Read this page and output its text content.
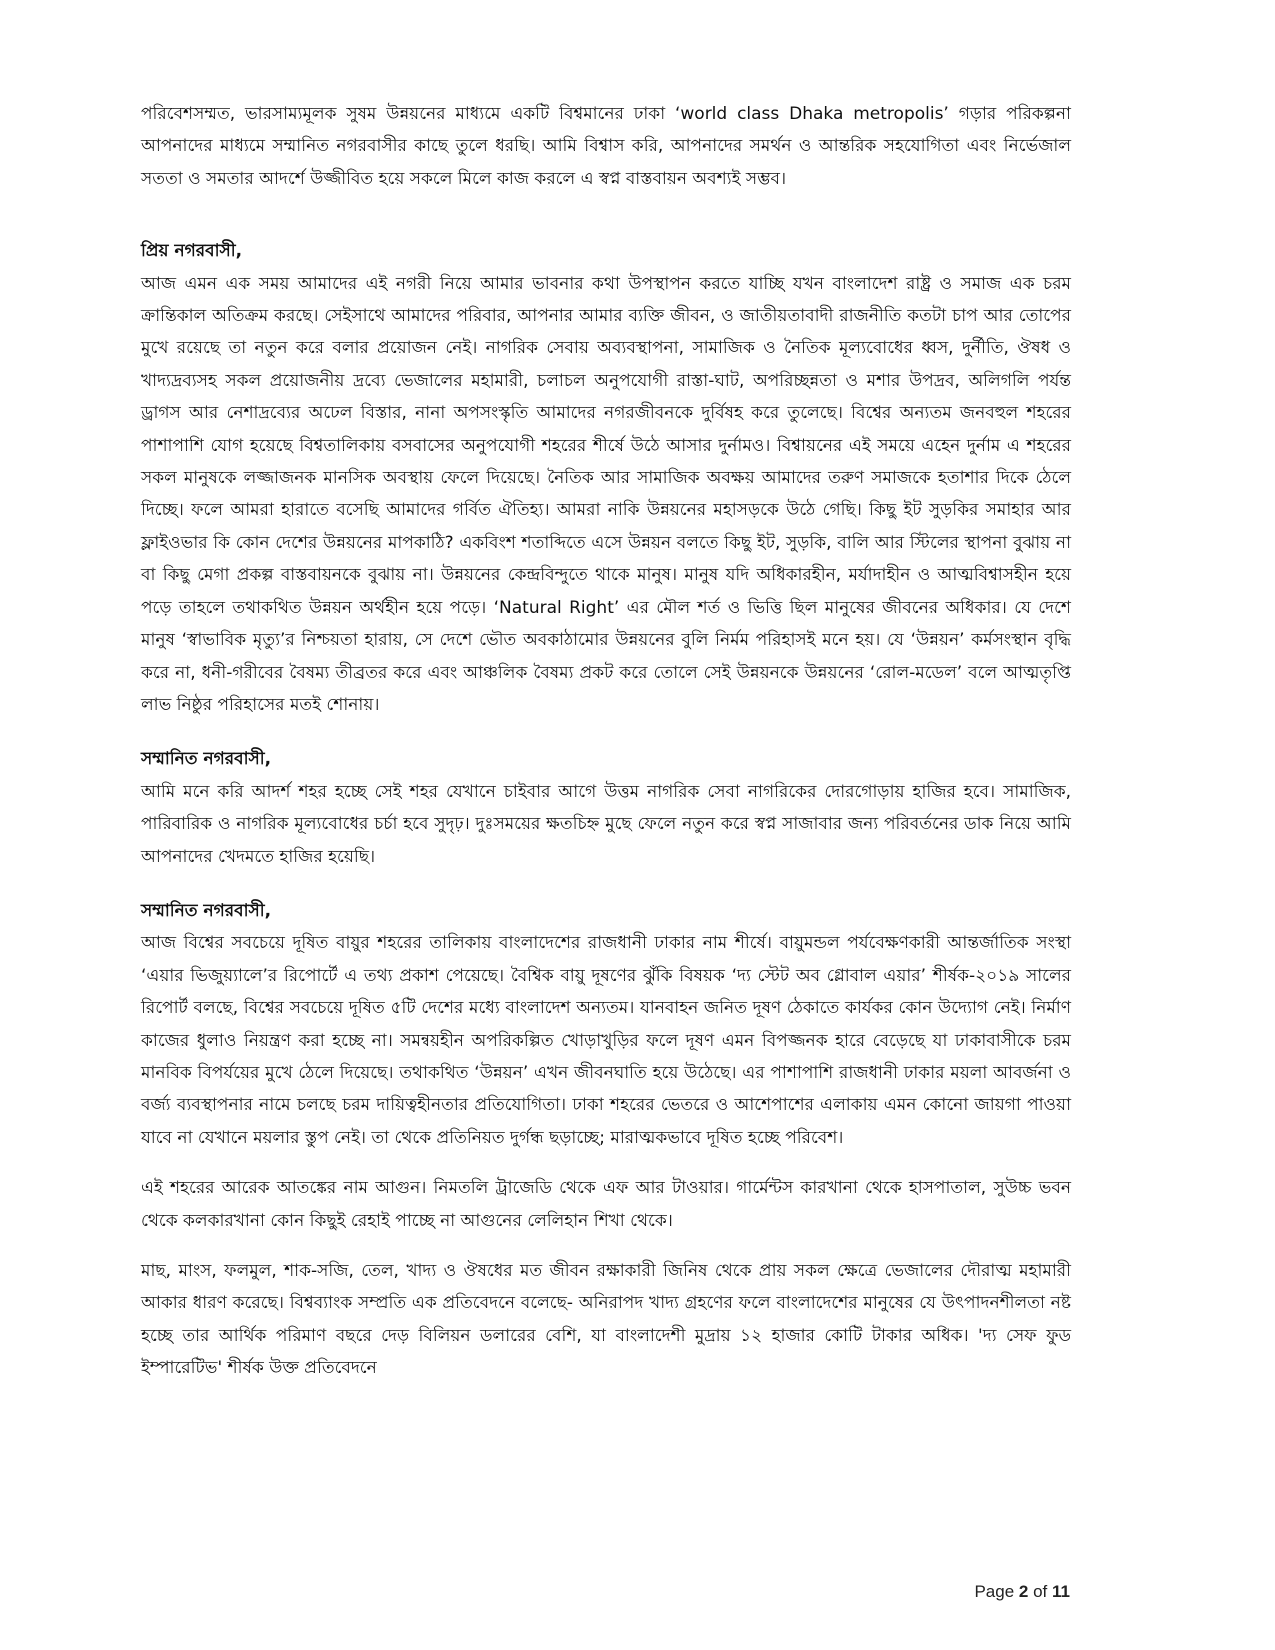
পরিবেশসম্মত, ভারসাম্যমূলক সুষম উন্নয়নের মাধ্যমে একটি বিশ্বমানের ঢাকা ‘world class Dhaka metropolis’ গড়ার পরিকল্পনা আপনাদের মাধ্যমে সম্মানিত নগরবাসীর কাছে তুলে ধরছি। আমি বিশ্বাস করি, আপনাদের সমর্থন ও আন্তরিক সহযোগিতা এবং নির্ভেজাল সততা ও সমতার আদর্শে উজ্জীবিত হয়ে সকলে মিলে কাজ করলে এ স্বপ্ন বাস্তবায়ন অবশ্যই সম্ভব।

প্রিয় নগরবাসী,

আজ এমন এক সময় আমাদের এই নগরী নিয়ে আমার ভাবনার কথা উপস্থাপন করতে যাচ্ছি যখন বাংলাদেশ রাষ্ট্র ও সমাজ এক চরম ক্রান্তিকাল অতিক্রম করছে। সেইসাথে আমাদের পরিবার, আপনার আমার ব্যক্তি জীবন, ও জাতীয়তাবাদী রাজনীতি কতটা চাপ আর তোপের মুখে রয়েছে তা নতুন করে বলার প্রয়োজন নেই। নাগরিক সেবায় অব্যবস্থাপনা, সামাজিক ও নৈতিক মূল্যবোধের ধ্বস, দুর্নীতি, ঔষধ ও খাদ্যদ্রব্যসহ সকল প্রয়োজনীয় দ্রব্যে ভেজালের মহামারী, চলাচল অনুপযোগী রাস্তা-ঘাট, অপরিচ্ছন্নতা ও মশার উপদ্রব, অলিগলি পর্যন্ত ড্রাগস আর নেশাদ্রব্যের অঢেল বিস্তার, নানা অপসংস্কৃতি আমাদের নগরজীবনকে দুর্বিষহ করে তুলেছে। বিশ্বের অন্যতম জনবহুল শহরের পাশাপাশি যোগ হয়েছে বিশ্বতালিকায় বসবাসের অনুপযোগী শহরের শীর্ষে উঠে আসার দুর্নামও। বিশ্বায়নের এই সময়ে এহেন দুর্নাম এ শহরের সকল মানুষকে লজ্জাজনক মানসিক অবস্থায় ফেলে দিয়েছে। নৈতিক আর সামাজিক অবক্ষয় আমাদের তরুণ সমাজকে হতাশার দিকে ঠেলে দিচ্ছে। ফলে আমরা হারাতে বসেছি আমাদের গর্বিত ঐতিহ্য। আমরা নাকি উন্নয়নের মহাসড়কে উঠে গেছি। কিছু ইট সুড়কির সমাহার আর ফ্লাইওভার কি কোন দেশের উন্নয়নের মাপকাঠি? একবিংশ শতাব্দিতে এসে উন্নয়ন বলতে কিছু ইট, সুড়কি, বালি আর স্টিলের স্থাপনা বুঝায় না বা কিছু মেগা প্রকল্প বাস্তবায়নকে বুঝায় না। উন্নয়নের কেন্দ্রবিন্দুতে থাকে মানুষ। মানুষ যদি অধিকারহীন, মর্যাদাহীন ও আত্মবিশ্বাসহীন হয়ে পড়ে তাহলে তথাকথিত উন্নয়ন অর্থহীন হয়ে পড়ে। ‘Natural Right’ এর মৌল শর্ত ও ভিত্তি ছিল মানুষের জীবনের অধিকার। যে দেশে মানুষ ‘স্বাভাবিক মৃত্যু’র নিশ্চয়তা হারায়, সে দেশে ভৌত অবকাঠামোর উন্নয়নের বুলি নির্মম পরিহাসই মনে হয়। যে ‘উন্নয়ন’ কর্মসংস্থান বৃদ্ধি করে না, ধনী-গরীবের বৈষম্য তীব্রতর করে এবং আঞ্চলিক বৈষম্য প্রকট করে তোলে সেই উন্নয়নকে উন্নয়নের ‘রোল-মডেল’ বলে আত্মতৃপ্তি লাভ নিষ্ঠুর পরিহাসের মতই শোনায়।

সম্মানিত নগরবাসী,

আমি মনে করি আদর্শ শহর হচ্ছে সেই শহর যেখানে চাইবার আগে উত্তম নাগরিক সেবা নাগরিকের দোরগোড়ায় হাজির হবে। সামাজিক, পারিবারিক ও নাগরিক মূল্যবোধের চর্চা হবে সুদৃঢ়। দুঃসময়ের ক্ষতচিহ্ন মুছে ফেলে নতুন করে স্বপ্ন সাজাবার জন্য পরিবর্তনের ডাক নিয়ে আমি আপনাদের খেদমতে হাজির হয়েছি।

সম্মানিত নগরবাসী,

আজ বিশ্বের সবচেয়ে দূষিত বায়ুর শহরের তালিকায় বাংলাদেশের রাজধানী ঢাকার নাম শীর্ষে। বায়ুমন্ডল পর্যবেক্ষণকারী আন্তর্জাতিক সংস্থা ‘এয়ার ভিজুয়্যালে’র রিপোর্টে এ তথ্য প্রকাশ পেয়েছে। বৈশ্বিক বায়ু দূষণের ঝুঁকি বিষয়ক ‘দ্য স্টেট অব গ্লোবাল এয়ার’ শীর্ষক-২০১৯ সালের রিপোর্ট বলছে, বিশ্বের সবচেয়ে দূষিত ৫টি দেশের মধ্যে বাংলাদেশ অন্যতম। যানবাহন জনিত দূষণ ঠেকাতে কার্যকর কোন উদ্যোগ নেই। নির্মাণ কাজের ধুলাও নিয়ন্ত্রণ করা হচ্ছে না। সমন্বয়হীন অপরিকল্পিত খোড়াখুড়ির ফলে দূষণ এমন বিপজ্জনক হারে বেড়েছে যা ঢাকাবাসীকে চরম মানবিক বিপর্যয়ের মুখে ঠেলে দিয়েছে। তথাকথিত ‘উন্নয়ন’ এখন জীবনঘাতি হয়ে উঠেছে। এর পাশাপাশি রাজধানী ঢাকার ময়লা আবর্জনা ও বর্জ্য ব্যবস্থাপনার নামে চলছে চরম দায়িত্বহীনতার প্রতিযোগিতা। ঢাকা শহরের ভেতরে ও আশেপাশের এলাকায় এমন কোনো জায়গা পাওয়া যাবে না যেখানে ময়লার স্তুপ নেই। তা থেকে প্রতিনিয়ত দুর্গন্ধ ছড়াচ্ছে; মারাত্মকভাবে দূষিত হচ্ছে পরিবেশ।

এই শহরের আরেক আতঙ্কের নাম আগুন। নিমতলি ট্রাজেডি থেকে এফ আর টাওয়ার। গার্মেন্টস কারখানা থেকে হাসপাতাল, সুউচ্চ ভবন থেকে কলকারখানা কোন কিছুই রেহাই পাচ্ছে না আগুনের লেলিহান শিখা থেকে।

মাছ, মাংস, ফলমুল, শাক-সজি, তেল, খাদ্য ও ঔষধের মত জীবন রক্ষাকারী জিনিষ থেকে প্রায় সকল ক্ষেত্রে ভেজালের দৌরাত্ম মহামারী আকার ধারণ করেছে। বিশ্বব্যাংক সম্প্রতি এক প্রতিবেদনে বলেছে- অনিরাপদ খাদ্য গ্রহণের ফলে বাংলাদেশের মানুষের যে উৎপাদনশীলতা নষ্ট হচ্ছে তার আর্থিক পরিমাণ বছরে দেড় বিলিয়ন ডলারের বেশি, যা বাংলাদেশী মুদ্রায় ১২ হাজার কোটি টাকার অধিক। 'দ্য সেফ ফুড ইম্পারেটিভ' শীর্ষক উক্ত প্রতিবেদনে

Page 2 of 11
